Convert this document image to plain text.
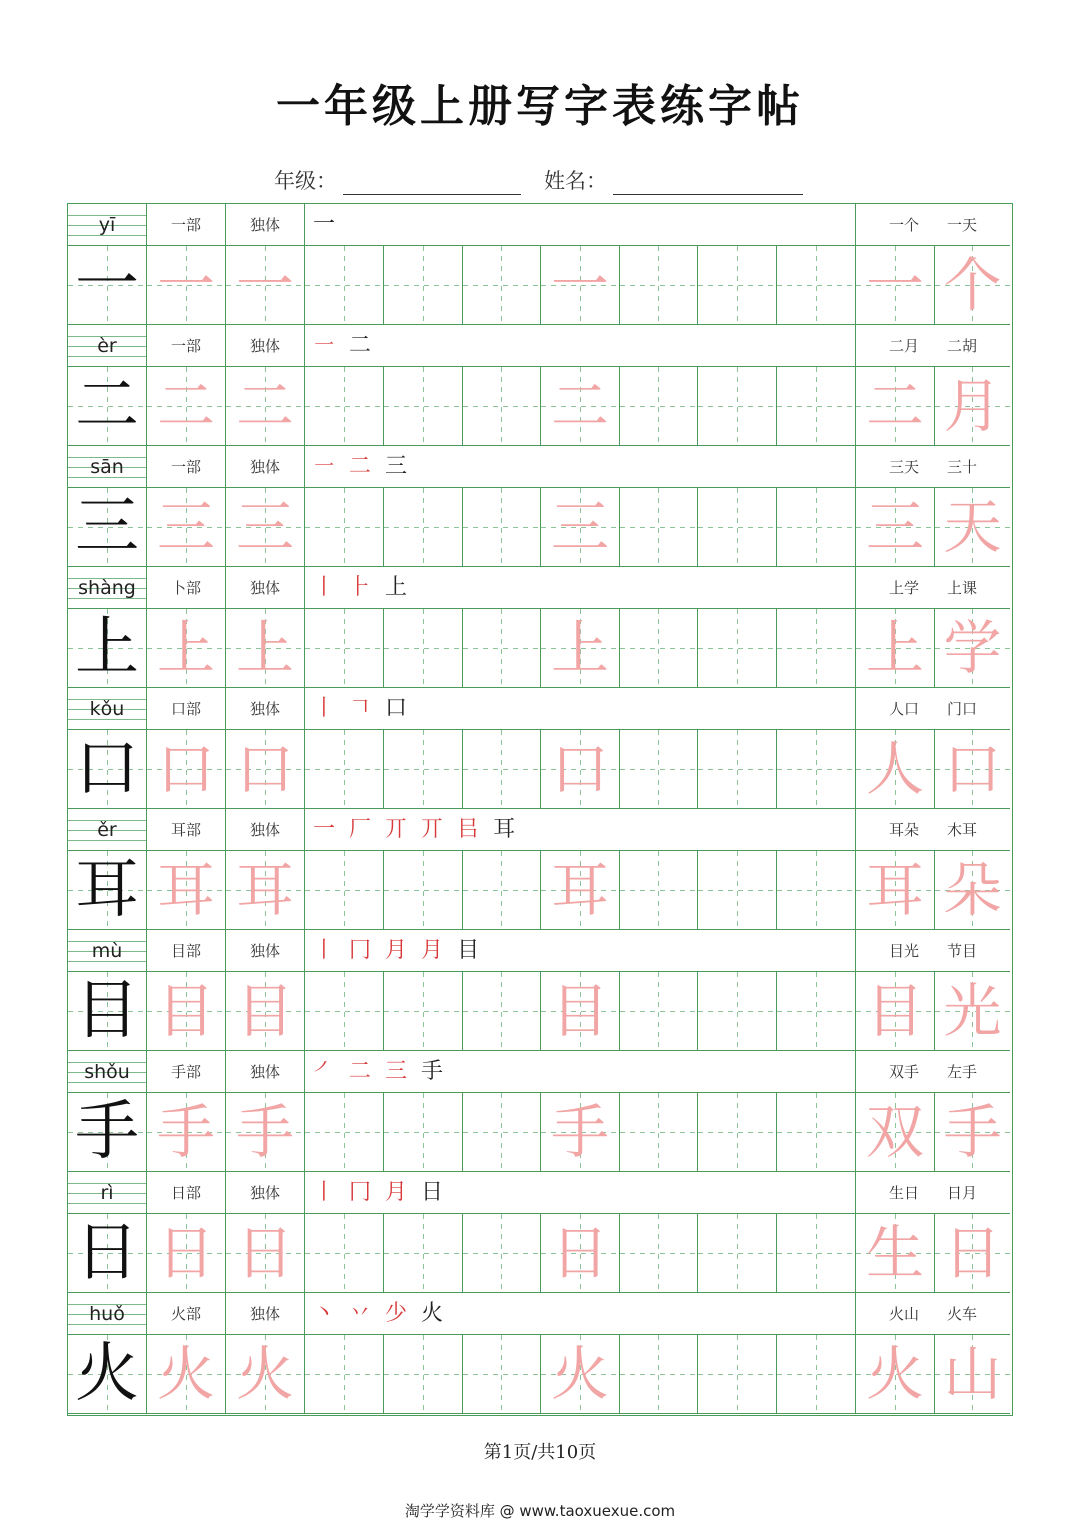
一年级上册写字表练字帖
年级：	姓名：
yī	一部	独体	一	一个 一天
一 一 一	一	一 个
èr	一部	独体	㇐ 二	二月 二胡
二 二 二	二	二 月
sān	一部	独体	㇐ 二 三	三天 三十
三 三 三	三	三 天
shàng	卜部	独体	丨 ⺊ 上	上学 上课
上 上 上	上	上 学
kǒu	口部	独体	丨 𠃍 口	人口 门口
口 口 口	口	人 口
ěr	耳部	独体	一 厂 丌 丌 㠯 耳	耳朵 木耳
耳 耳 耳	耳	耳 朵
mù	目部	独体	丨 冂 月 月 目	目光 节目
目 目 目	目	目 光
shǒu	手部	独体	㇒ 二 三 手	双手 左手
手 手 手	手	双 手
rì	日部	独体	丨 冂 月 日	生日 日月
日 日 日	日	生 日
huǒ	火部	独体	丶 丷 少 火	火山 火车
火 火 火	火	火 山
第1页/共10页
淘学学资料库 @ www.taoxuexue.com
